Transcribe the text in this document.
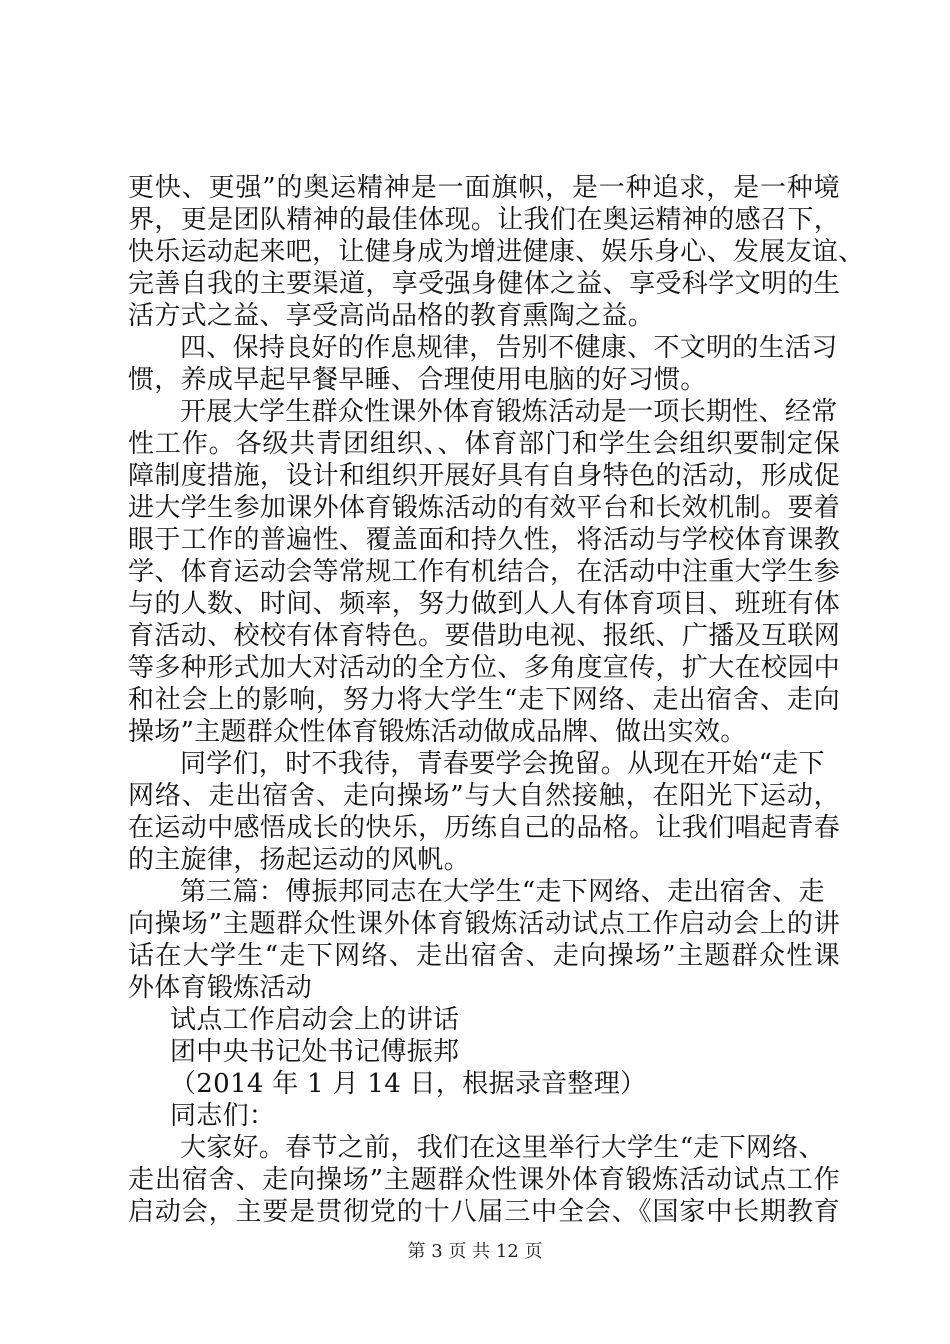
更快、更强”的奥运精神是一面旗帜，是一种追求，是一种境
界，更是团队精神的最佳体现。让我们在奥运精神的感召下，
快乐运动起来吧，让健身成为增进健康、娱乐身心、发展友谊、
完善自我的主要渠道，享受强身健体之益、享受科学文明的生
活方式之益、享受高尚品格的教育熏陶之益。
四、保持良好的作息规律，告别不健康、不文明的生活习
惯，养成早起早餐早睡、合理使用电脑的好习惯。
开展大学生群众性课外体育锻炼活动是一项长期性、经常
性工作。各级共青团组织、、体育部门和学生会组织要制定保
障制度措施，设计和组织开展好具有自身特色的活动，形成促
进大学生参加课外体育锻炼活动的有效平台和长效机制。要着
眼于工作的普遍性、覆盖面和持久性，将活动与学校体育课教
学、体育运动会等常规工作有机结合，在活动中注重大学生参
与的人数、时间、频率，努力做到人人有体育项目、班班有体
育活动、校校有体育特色。要借助电视、报纸、广播及互联网
等多种形式加大对活动的全方位、多角度宣传，扩大在校园中
和社会上的影响，努力将大学生“走下网络、走出宿舍、走向
操场”主题群众性体育锻炼活动做成品牌、做出实效。
同学们，时不我待，青春要学会挽留。从现在开始“走下
网络、走出宿舍、走向操场”与大自然接触，在阳光下运动，
在运动中感悟成长的快乐，历练自己的品格。让我们唱起青春
的主旋律，扬起运动的风帆。
第三篇：傅振邦同志在大学生“走下网络、走出宿舍、走
向操场”主题群众性课外体育锻炼活动试点工作启动会上的讲
话在大学生“走下网络、走出宿舍、走向操场”主题群众性课
外体育锻炼活动
试点工作启动会上的讲话
团中央书记处书记傅振邦
（2014 年 1 月 14 日，根据录音整理）
同志们：
大家好。春节之前，我们在这里举行大学生“走下网络、
走出宿舍、走向操场”主题群众性课外体育锻炼活动试点工作
启动会，主要是贯彻党的十八届三中全会、《国家中长期教育
第 3 页 共 12 页
